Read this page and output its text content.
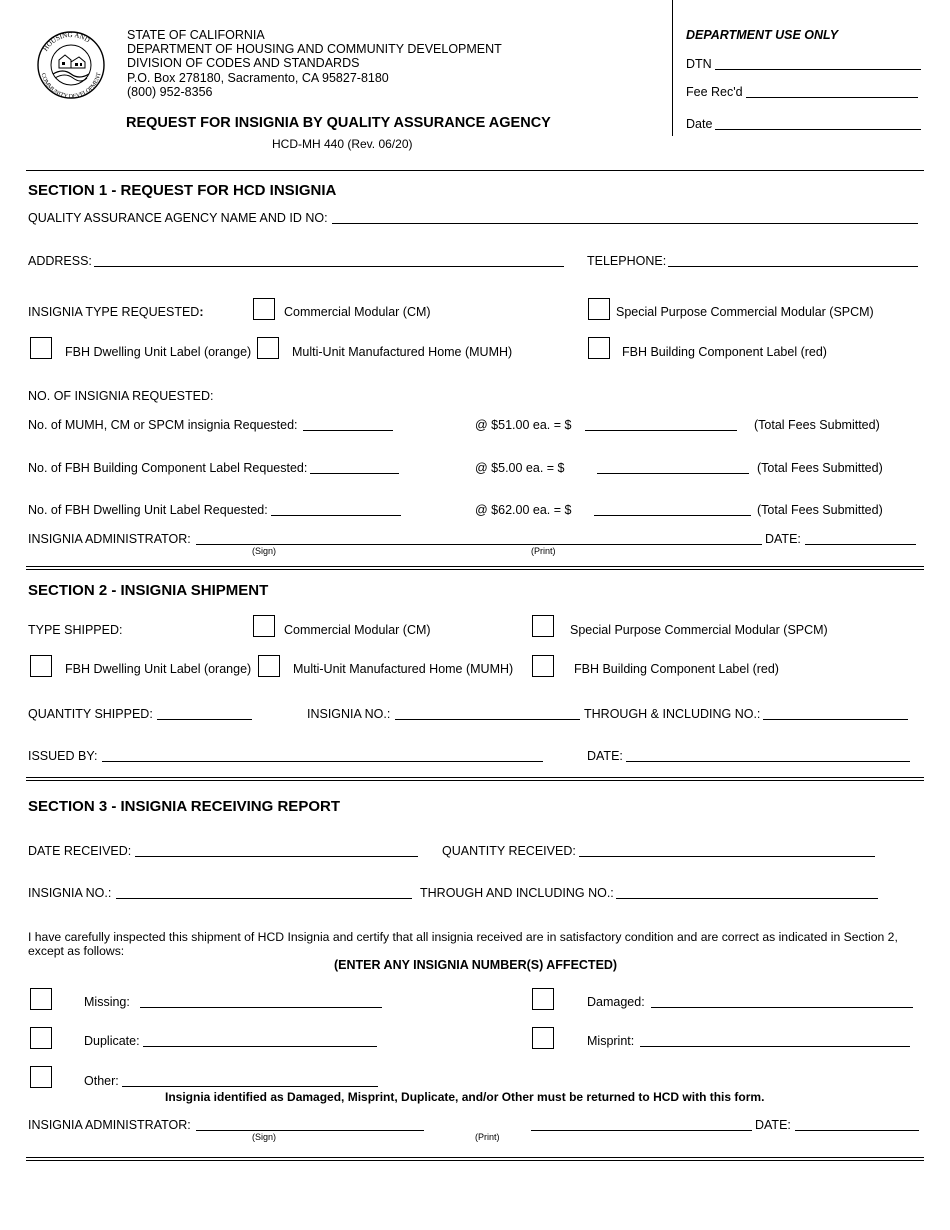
HOUSING AND
COMMUNITY DEVELOPMENT
STATE OF CALIFORNIA
DEPARTMENT OF HOUSING AND COMMUNITY DEVELOPMENT
DIVISION OF CODES AND STANDARDS
P.O. Box 278180, Sacramento, CA 95827-8180
(800) 952-8356
REQUEST FOR INSIGNIA BY QUALITY ASSURANCE AGENCY
HCD-MH 440 (Rev. 06/20)
DEPARTMENT USE ONLY
DTN
Fee Rec'd
Date
SECTION 1 - REQUEST FOR HCD INSIGNIA
QUALITY ASSURANCE AGENCY NAME AND ID NO:
ADDRESS:	TELEPHONE:
INSIGNIA TYPE REQUESTED:	Commercial Modular (CM)	Special Purpose Commercial Modular (SPCM)
FBH Dwelling Unit Label (orange)	Multi-Unit Manufactured Home (MUMH)	FBH Building Component Label (red)
NO. OF INSIGNIA REQUESTED:
No. of MUMH, CM or SPCM insignia Requested:	@ $51.00 ea. = $	(Total Fees Submitted)
No. of FBH Building Component Label Requested:	@ $5.00 ea. = $	(Total Fees Submitted)
No. of FBH Dwelling Unit Label Requested:	@ $62.00 ea. = $	(Total Fees Submitted)
INSIGNIA ADMINISTRATOR:	DATE:
(Sign)	(Print)
SECTION 2 - INSIGNIA SHIPMENT
TYPE SHIPPED:	Commercial Modular (CM)	Special Purpose Commercial Modular (SPCM)
FBH Dwelling Unit Label (orange)	Multi-Unit Manufactured Home (MUMH)	FBH Building Component Label (red)
QUANTITY SHIPPED:	INSIGNIA NO.:	THROUGH & INCLUDING NO.:
ISSUED BY:	DATE:
SECTION 3 - INSIGNIA RECEIVING REPORT
DATE RECEIVED:	QUANTITY RECEIVED:
INSIGNIA NO.:	THROUGH AND INCLUDING NO.:
I have carefully inspected this shipment of HCD Insignia and certify that all insignia received are in satisfactory condition and are correct as indicated in Section 2,
except as follows:
(ENTER ANY INSIGNIA NUMBER(S) AFFECTED)
Missing:	Damaged:
Duplicate:	Misprint:
Other:
Insignia identified as Damaged, Misprint, Duplicate, and/or Other must be returned to HCD with this form.
INSIGNIA ADMINISTRATOR:	DATE:
(Sign)	(Print)
